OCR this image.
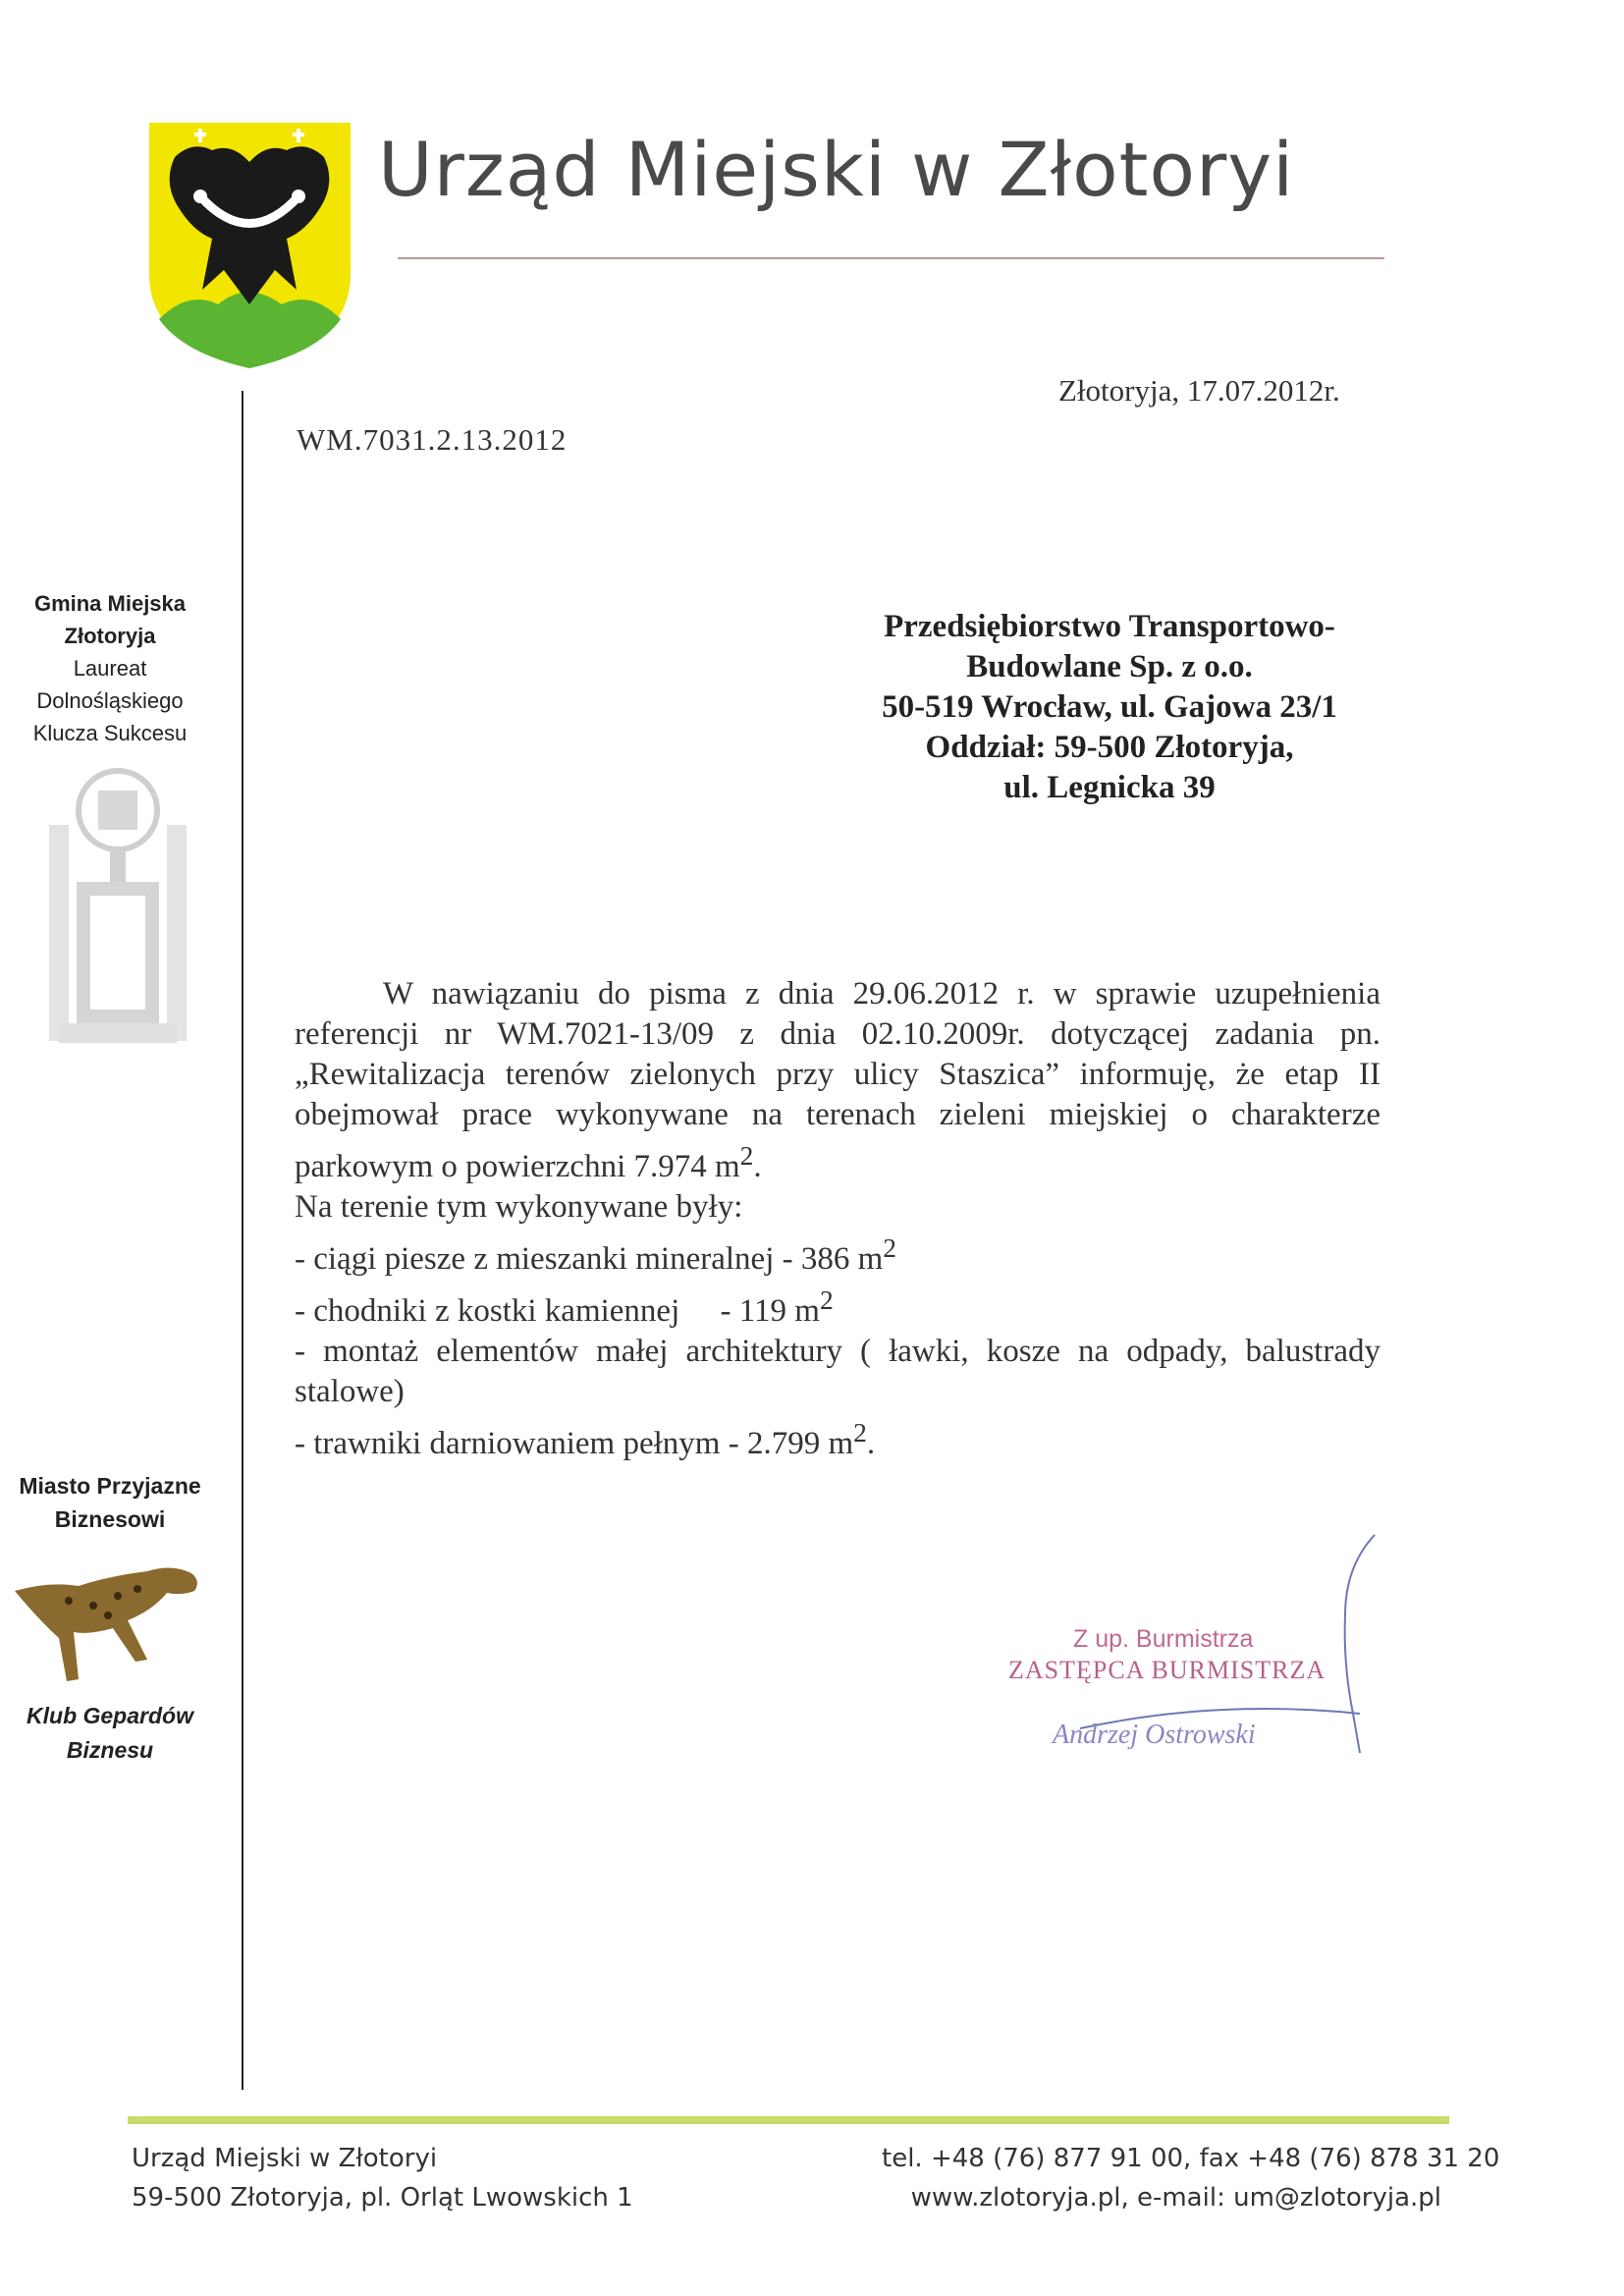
Urząd Miejski w Złotoryi
Gmina Miejska
Złotoryja
Laureat
Dolnośląskiego
Klucza Sukcesu
Miasto Przyjazne
Biznesowi
Klub Gepardów
Biznesu
Złotoryja, 17.07.2012r.
WM.7031.2.13.2012
Przedsiębiorstwo Transportowo-
Budowlane Sp. z o.o.
50-519 Wrocław, ul. Gajowa 23/1
Oddział: 59-500 Złotoryja,
ul. Legnicka 39

W nawiązaniu do pisma z dnia 29.06.2012 r. w sprawie uzupełnienia referencji nr WM.7021-13/09 z dnia 02.10.2009r. dotyczącej zadania pn.„Rewitalizacja terenów zielonych przy ulicy Staszica” informuję, że etap II obejmował prace wykonywane na terenach zieleni miejskiej o charakterze parkowym o powierzchni 7.974 $m^2$.

Na terenie tym wykonywane były:

- ciągi piesze z mieszanki mineralnej - 386 $m^2$

- chodniki z kostki kamiennej     - 119 $m^2$

- montaż elementów małej architektury ( ławki, kosze na odpady, balustrady stalowe)

- trawniki darniowaniem pełnym - 2.799 $m^2$.

Z up. Burmistrza
ZASTĘPCA BURMISTRZA
Andrzej Ostrowski
Urząd Miejski w Złotoryi
59-500 Złotoryja, pl. Orląt Lwowskich 1
tel. +48 (76) 877 91 00, fax +48 (76) 878 31 20
www.zlotoryja.pl, e-mail: um@zlotoryja.pl
